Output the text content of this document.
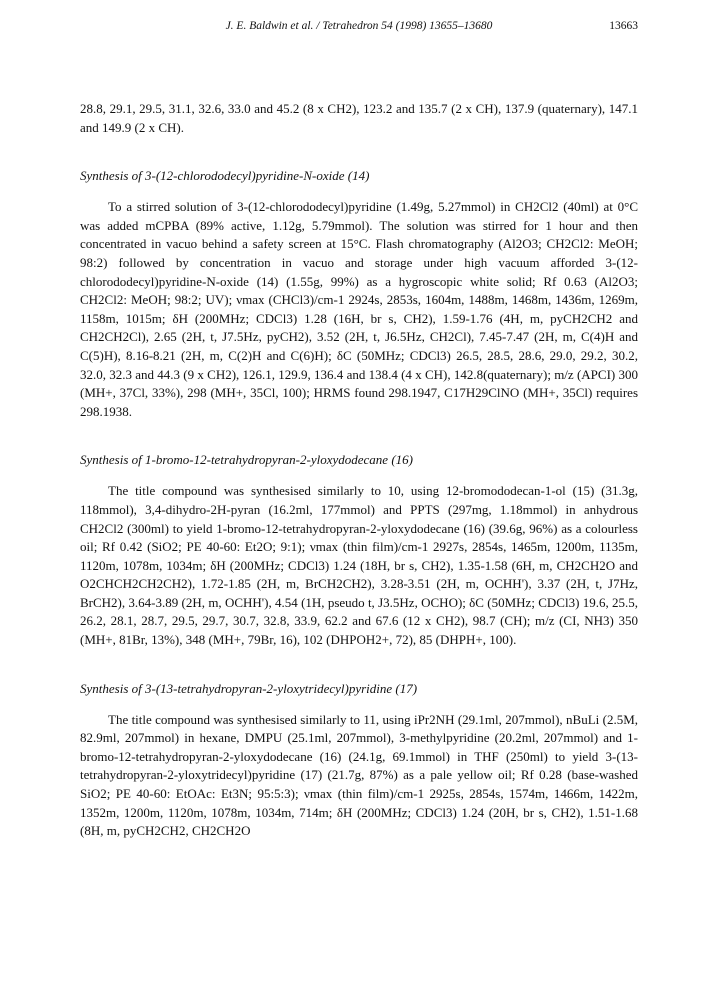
J. E. Baldwin et al. / Tetrahedron 54 (1998) 13655–13680	13663

28.8, 29.1, 29.5, 31.1, 32.6, 33.0 and 45.2 (8 x CH2), 123.2 and 135.7 (2 x CH), 137.9 (quaternary), 147.1 and 149.9 (2 x CH).

Synthesis of 3-(12-chlorododecyl)pyridine-N-oxide (14)

To a stirred solution of 3-(12-chlorododecyl)pyridine (1.49g, 5.27mmol) in CH2Cl2 (40ml) at 0°C was added mCPBA (89% active, 1.12g, 5.79mmol). The solution was stirred for 1 hour and then concentrated in vacuo behind a safety screen at 15°C. Flash chromatography (Al2O3; CH2Cl2: MeOH; 98:2) followed by concentration in vacuo and storage under high vacuum afforded 3-(12-chlorododecyl)pyridine-N-oxide (14) (1.55g, 99%) as a hygroscopic white solid; Rf 0.63 (Al2O3; CH2Cl2: MeOH; 98:2; UV); νmax (CHCl3)/cm-1 2924s, 2853s, 1604m, 1488m, 1468m, 1436m, 1269m, 1158m, 1015m; δH (200MHz; CDCl3) 1.28 (16H, br s, CH2), 1.59-1.76 (4H, m, pyCH2CH2 and CH2CH2Cl), 2.65 (2H, t, J7.5Hz, pyCH2), 3.52 (2H, t, J6.5Hz, CH2Cl), 7.45-7.47 (2H, m, C(4)H and C(5)H), 8.16-8.21 (2H, m, C(2)H and C(6)H); δC (50MHz; CDCl3) 26.5, 28.5, 28.6, 29.0, 29.2, 30.2, 32.0, 32.3 and 44.3 (9 x CH2), 126.1, 129.9, 136.4 and 138.4 (4 x CH), 142.8(quaternary); m/z (APCI) 300 (MH+, 37Cl, 33%), 298 (MH+, 35Cl, 100); HRMS found 298.1947, C17H29ClNO (MH+, 35Cl) requires 298.1938.

Synthesis of 1-bromo-12-tetrahydropyran-2-yloxydodecane (16)

The title compound was synthesised similarly to 10, using 12-bromododecan-1-ol (15) (31.3g, 118mmol), 3,4-dihydro-2H-pyran (16.2ml, 177mmol) and PPTS (297mg, 1.18mmol) in anhydrous CH2Cl2 (300ml) to yield 1-bromo-12-tetrahydropyran-2-yloxydodecane (16) (39.6g, 96%) as a colourless oil; Rf 0.42 (SiO2; PE 40-60: Et2O; 9:1); νmax (thin film)/cm-1 2927s, 2854s, 1465m, 1200m, 1135m, 1120m, 1078m, 1034m; δH (200MHz; CDCl3) 1.24 (18H, br s, CH2), 1.35-1.58 (6H, m, CH2CH2O and O2CHCH2CH2CH2), 1.72-1.85 (2H, m, BrCH2CH2), 3.28-3.51 (2H, m, OCHH'), 3.37 (2H, t, J7Hz, BrCH2), 3.64-3.89 (2H, m, OCHH'), 4.54 (1H, pseudo t, J3.5Hz, OCHO); δC (50MHz; CDCl3) 19.6, 25.5, 26.2, 28.1, 28.7, 29.5, 29.7, 30.7, 32.8, 33.9, 62.2 and 67.6 (12 x CH2), 98.7 (CH); m/z (CI, NH3) 350 (MH+, 81Br, 13%), 348 (MH+, 79Br, 16), 102 (DHPOH2+, 72), 85 (DHPH+, 100).

Synthesis of 3-(13-tetrahydropyran-2-yloxytridecyl)pyridine (17)

The title compound was synthesised similarly to 11, using iPr2NH (29.1ml, 207mmol), nBuLi (2.5M, 82.9ml, 207mmol) in hexane, DMPU (25.1ml, 207mmol), 3-methylpyridine (20.2ml, 207mmol) and 1-bromo-12-tetrahydropyran-2-yloxydodecane (16) (24.1g, 69.1mmol) in THF (250ml) to yield 3-(13-tetrahydropyran-2-yloxytridecyl)pyridine (17) (21.7g, 87%) as a pale yellow oil; Rf 0.28 (base-washed SiO2; PE 40-60: EtOAc: Et3N; 95:5:3); νmax (thin film)/cm-1 2925s, 2854s, 1574m, 1466m, 1422m, 1352m, 1200m, 1120m, 1078m, 1034m, 714m; δH (200MHz; CDCl3) 1.24 (20H, br s, CH2), 1.51-1.68 (8H, m, pyCH2CH2, CH2CH2O
